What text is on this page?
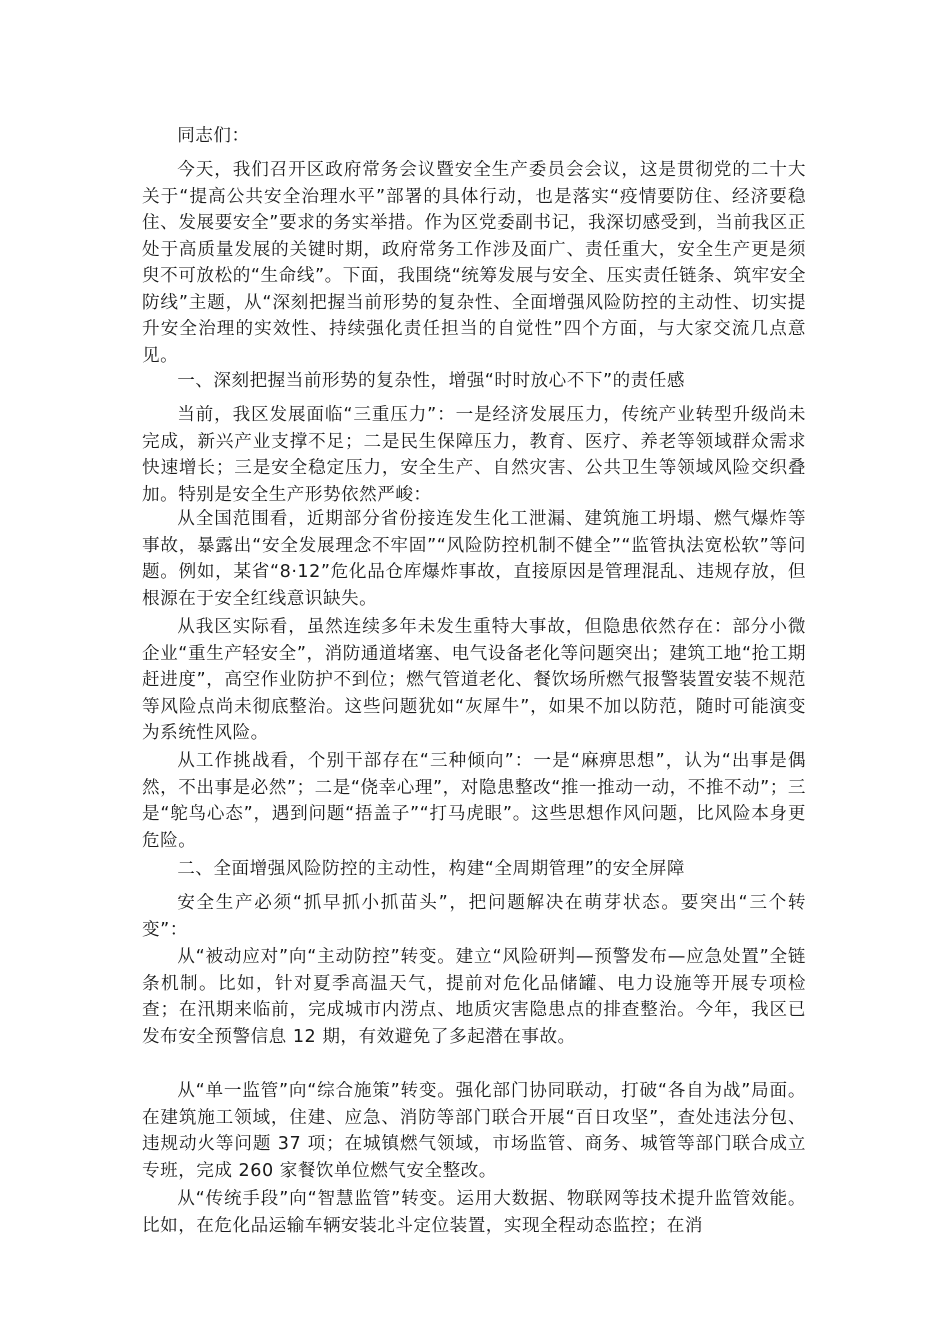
同志们：

今天，我们召开区政府常务会议暨安全生产委员会会议，这是贯彻党的二十大关于“提高公共安全治理水平”部署的具体行动，也是落实“疫情要防住、经济要稳住、发展要安全”要求的务实举措。作为区党委副书记，我深切感受到，当前我区正处于高质量发展的关键时期，政府常务工作涉及面广、责任重大，安全生产更是须臾不可放松的“生命线”。下面，我围绕“统筹发展与安全、压实责任链条、筑牢安全防线”主题，从“深刻把握当前形势的复杂性、全面增强风险防控的主动性、切实提升安全治理的实效性、持续强化责任担当的自觉性”四个方面，与大家交流几点意见。

一、深刻把握当前形势的复杂性，增强“时时放心不下”的责任感

当前，我区发展面临“三重压力”：一是经济发展压力，传统产业转型升级尚未完成，新兴产业支撑不足；二是民生保障压力，教育、医疗、养老等领域群众需求快速增长；三是安全稳定压力，安全生产、自然灾害、公共卫生等领域风险交织叠加。特别是安全生产形势依然严峻：

从全国范围看，近期部分省份接连发生化工泄漏、建筑施工坍塌、燃气爆炸等事故，暴露出“安全发展理念不牢固”“风险防控机制不健全”“监管执法宽松软”等问题。例如，某省“8·12”危化品仓库爆炸事故，直接原因是管理混乱、违规存放，但根源在于安全红线意识缺失。

从我区实际看，虽然连续多年未发生重特大事故，但隐患依然存在：部分小微企业“重生产轻安全”，消防通道堵塞、电气设备老化等问题突出；建筑工地“抢工期赶进度”，高空作业防护不到位；燃气管道老化、餐饮场所燃气报警装置安装不规范等风险点尚未彻底整治。这些问题犹如“灰犀牛”，如果不加以防范，随时可能演变为系统性风险。

从工作挑战看，个别干部存在“三种倾向”：一是“麻痹思想”，认为“出事是偶然，不出事是必然”；二是“侥幸心理”，对隐患整改“推一推动一动，不推不动”；三是“鸵鸟心态”，遇到问题“捂盖子”“打马虎眼”。这些思想作风问题，比风险本身更危险。

二、全面增强风险防控的主动性，构建“全周期管理”的安全屏障

安全生产必须“抓早抓小抓苗头”，把问题解决在萌芽状态。要突出“三个转变”：

从“被动应对”向“主动防控”转变。建立“风险研判—预警发布—应急处置”全链条机制。比如，针对夏季高温天气，提前对危化品储罐、电力设施等开展专项检查；在汛期来临前，完成城市内涝点、地质灾害隐患点的排查整治。今年，我区已发布安全预警信息 12 期，有效避免了多起潜在事故。

从“单一监管”向“综合施策”转变。强化部门协同联动，打破“各自为战”局面。在建筑施工领域，住建、应急、消防等部门联合开展“百日攻坚”，查处违法分包、违规动火等问题 37 项；在城镇燃气领域，市场监管、商务、城管等部门联合成立专班，完成 260 家餐饮单位燃气安全整改。

从“传统手段”向“智慧监管”转变。运用大数据、物联网等技术提升监管效能。比如，在危化品运输车辆安装北斗定位装置，实现全程动态监控；在消
